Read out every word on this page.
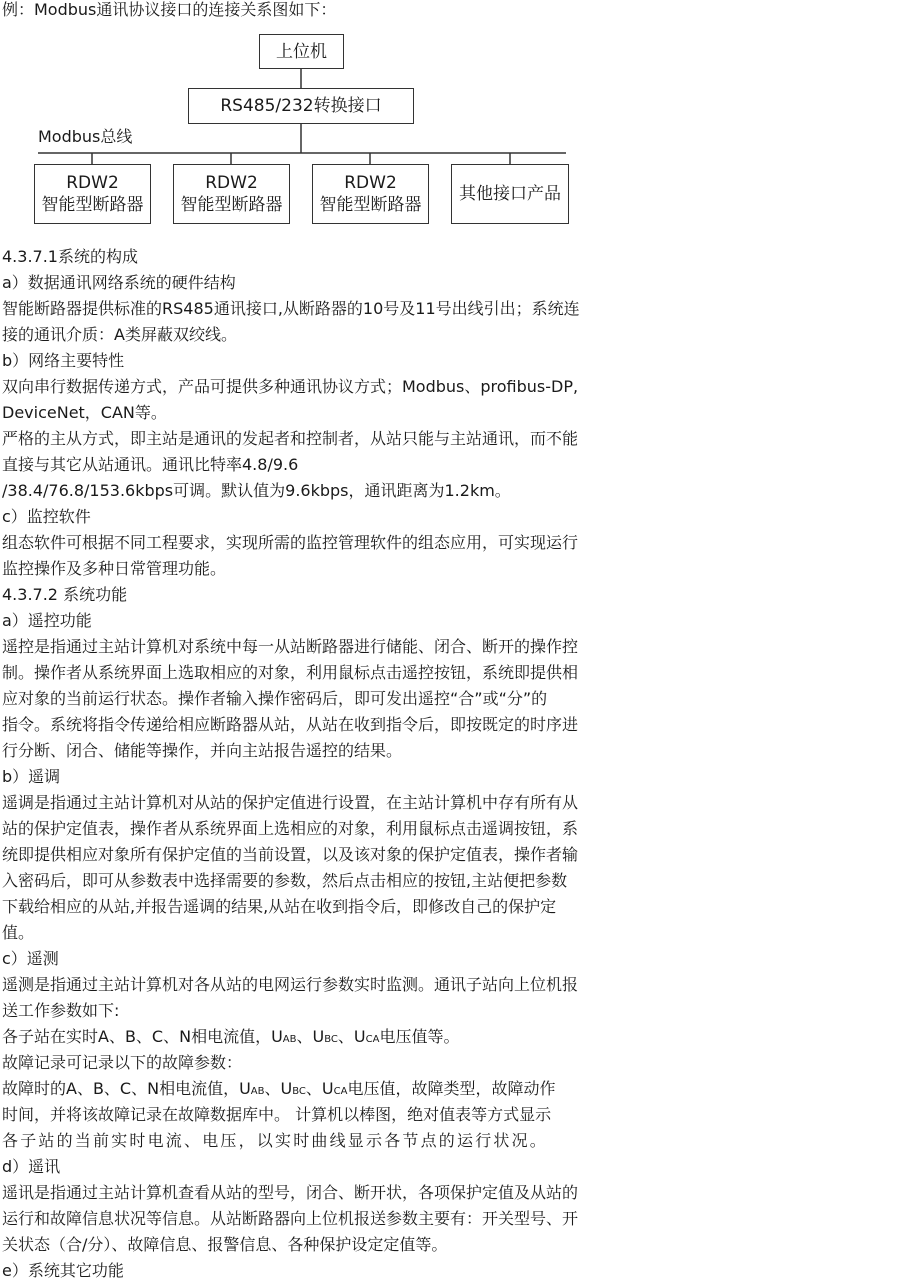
例：Modbus通讯协议接口的连接关系图如下：
上位机
RS485/232转换接口
Modbus总线
RDW2
智能型断路器
RDW2
智能型断路器
RDW2
智能型断路器
其他接口产品
4.3.7.1系统的构成
a）数据通讯网络系统的硬件结构
智能断路器提供标准的RS485通讯接口,从断路器的10号及11号出线引出；系统连
接的通讯介质：A类屏蔽双绞线。
b）网络主要特性
双向串行数据传递方式，产品可提供多种通讯协议方式；Modbus、profibus-DP,
DeviceNet，CAN等。
严格的主从方式，即主站是通讯的发起者和控制者，从站只能与主站通讯，而不能
直接与其它从站通讯。通讯比特率4.8/9.6
/38.4/76.8/153.6kbps可调。默认值为9.6kbps，通讯距离为1.2km。
c）监控软件
组态软件可根据不同工程要求，实现所需的监控管理软件的组态应用，可实现运行
监控操作及多种日常管理功能。
4.3.7.2 系统功能
a）遥控功能
遥控是指通过主站计算机对系统中每一从站断路器进行储能、闭合、断开的操作控
制。操作者从系统界面上选取相应的对象，利用鼠标点击遥控按钮，系统即提供相
应对象的当前运行状态。操作者输入操作密码后，即可发出遥控“合”或“分”的
指令。系统将指令传递给相应断路器从站，从站在收到指令后，即按既定的时序进
行分断、闭合、储能等操作，并向主站报告遥控的结果。
b）遥调
遥调是指通过主站计算机对从站的保护定值进行设置，在主站计算机中存有所有从
站的保护定值表，操作者从系统界面上选相应的对象，利用鼠标点击遥调按钮，系
统即提供相应对象所有保护定值的当前设置，以及该对象的保护定值表，操作者输
入密码后，即可从参数表中选择需要的参数，然后点击相应的按钮,主站便把参数
下载给相应的从站,并报告遥调的结果,从站在收到指令后，即修改自己的保护定
值。
c）遥测
遥测是指通过主站计算机对各从站的电网运行参数实时监测。通讯子站向上位机报
送工作参数如下:
各子站在实时A、B、C、N相电流值，UAB、UBC、UCA电压值等。
故障记录可记录以下的故障参数：
故障时的A、B、C、N相电流值，UAB、UBC、UCA电压值，故障类型，故障动作
时间，并将该故障记录在故障数据库中。 计算机以棒图，绝对值表等方式显示
各子站的当前实时电流、电压，以实时曲线显示各节点的运行状况。
d）遥讯
遥讯是指通过主站计算机查看从站的型号，闭合、断开状，各项保护定值及从站的
运行和故障信息状况等信息。从站断路器向上位机报送参数主要有：开关型号、开
关状态（合/分）、故障信息、报警信息、各种保护设定定值等。
e）系统其它功能
